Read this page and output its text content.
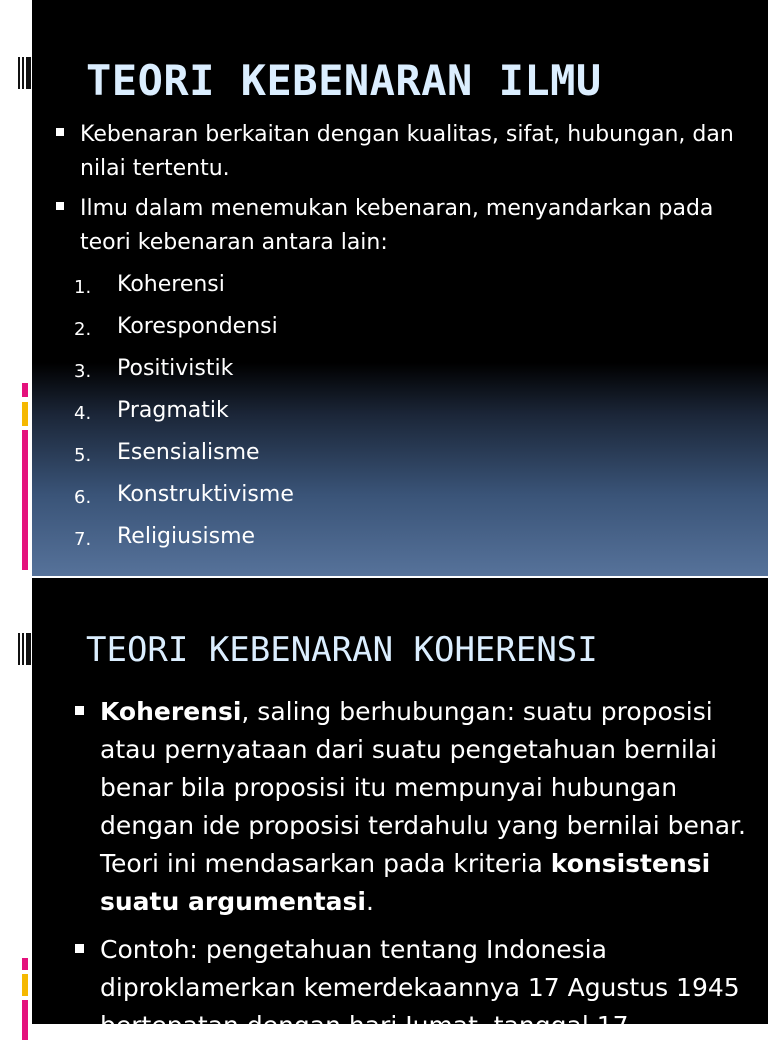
TEORI KEBENARAN ILMU
Kebenaran berkaitan dengan kualitas, sifat, hubungan, dan nilai tertentu.
Ilmu dalam menemukan kebenaran, menyandarkan pada teori kebenaran antara lain:
1. Koherensi
2. Korespondensi
3. Positivistik
4. Pragmatik
5. Esensialisme
6. Konstruktivisme
7. Religiusisme
TEORI KEBENARAN KOHERENSI
Koherensi, saling berhubungan: suatu proposisi atau pernyataan dari suatu pengetahuan bernilai benar bila proposisi itu mempunyai hubungan dengan ide proposisi terdahulu yang bernilai benar. Teori ini mendasarkan pada kriteria konsistensi suatu argumentasi.
Contoh: pengetahuan tentang Indonesia diproklamerkan kemerdekaannya 17 Agustus 1945 bertepatan dengan hari Jumat, tanggal 17
